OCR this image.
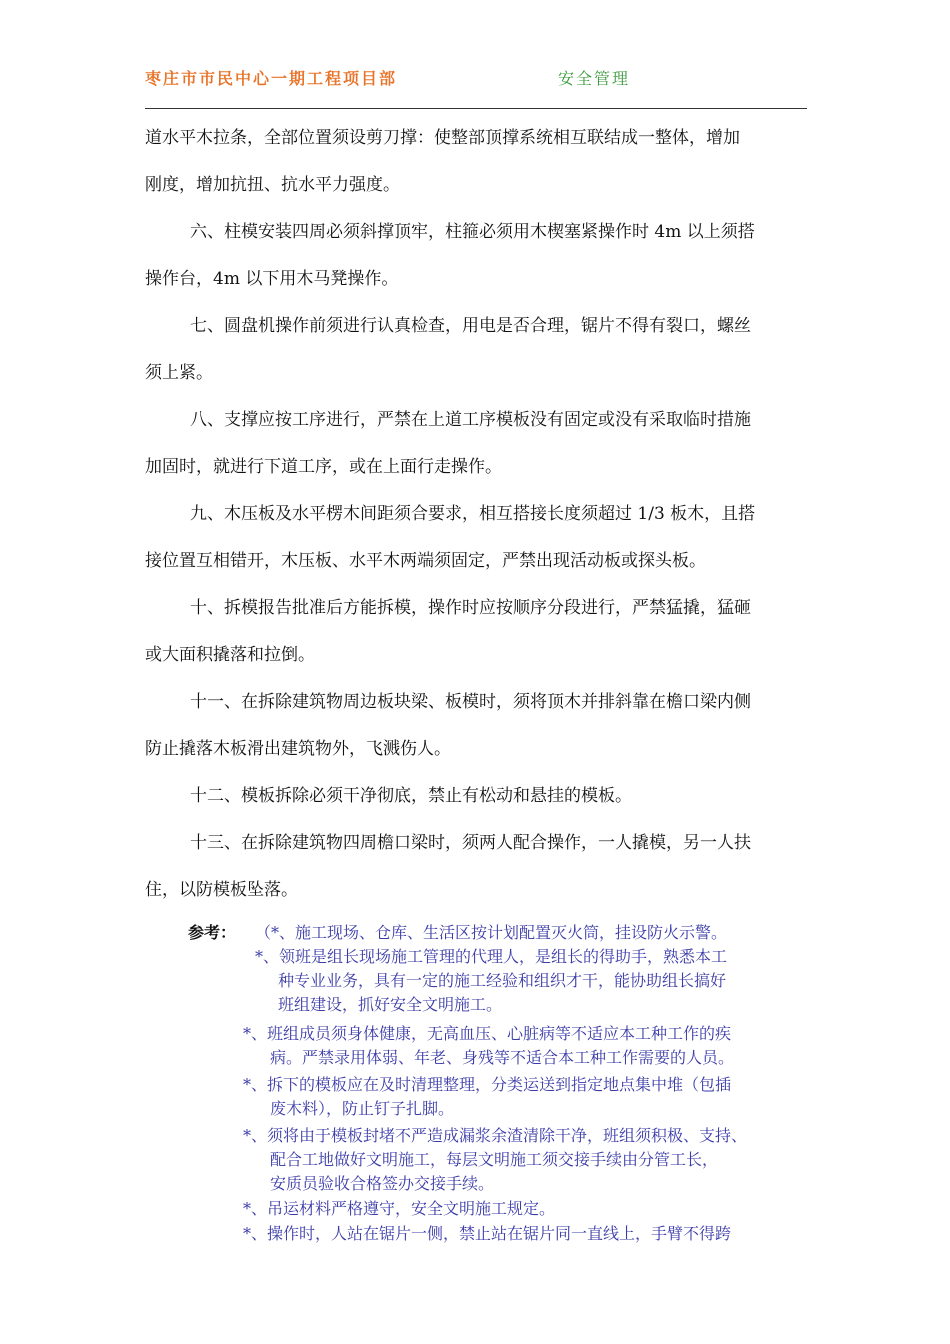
枣庄市市民中心一期工程项目部	安全管理
道水平木拉条，全部位置须设剪刀撑：使整部顶撑系统相互联结成一整体，增加
刚度，增加抗扭、抗水平力强度。
六、柱模安装四周必须斜撑顶牢，柱箍必须用木楔塞紧操作时 4m 以上须搭
操作台，4m 以下用木马凳操作。
七、圆盘机操作前须进行认真检查，用电是否合理，锯片不得有裂口，螺丝
须上紧。
八、支撑应按工序进行，严禁在上道工序模板没有固定或没有采取临时措施
加固时，就进行下道工序，或在上面行走操作。
九、木压板及水平楞木间距须合要求，相互搭接长度须超过 1/3 板木，且搭
接位置互相错开，木压板、水平木两端须固定，严禁出现活动板或探头板。
十、拆模报告批准后方能拆模，操作时应按顺序分段进行，严禁猛撬，猛砸
或大面积撬落和拉倒。
十一、在拆除建筑物周边板块梁、板模时，须将顶木并排斜靠在檐口梁内侧
防止撬落木板滑出建筑物外，飞溅伤人。
十二、模板拆除必须干净彻底，禁止有松动和悬挂的模板。
十三、在拆除建筑物四周檐口梁时，须两人配合操作，一人撬模，另一人扶
住，以防模板坠落。
参考： （*、施工现场、仓库、生活区按计划配置灭火筒，挂设防火示警。
*、领班是组长现场施工管理的代理人，是组长的得助手，熟悉本工
种专业业务，具有一定的施工经验和组织才干，能协助组长搞好
班组建设，抓好安全文明施工。
*、班组成员须身体健康，无高血压、心脏病等不适应本工种工作的疾
病。严禁录用体弱、年老、身残等不适合本工种工作需要的人员。
*、拆下的模板应在及时清理整理，分类运送到指定地点集中堆（包插
废木料），防止钉子扎脚。
*、须将由于模板封堵不严造成漏浆余渣清除干净，班组须积极、支持、
配合工地做好文明施工，每层文明施工须交接手续由分管工长，
安质员验收合格签办交接手续。
*、吊运材料严格遵守，安全文明施工规定。
*、操作时，人站在锯片一侧，禁止站在锯片同一直线上，手臂不得跨
